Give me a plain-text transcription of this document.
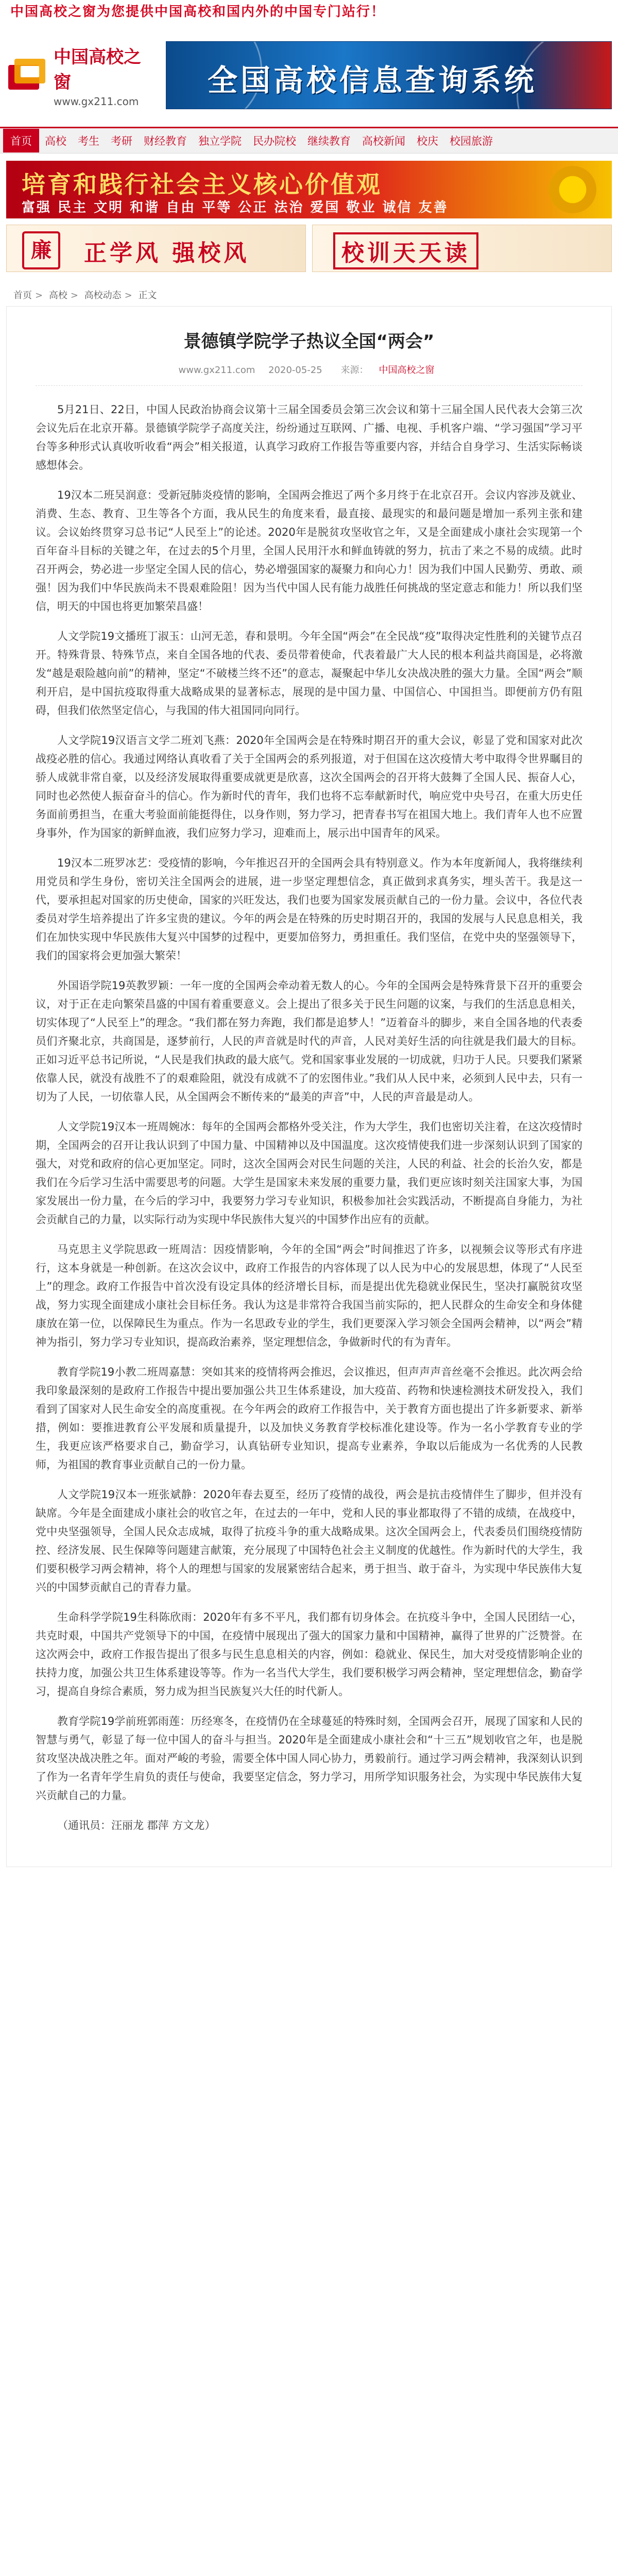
中国高校之窗为您提供中国高校和国内外的中国专门站行！
中国高校之窗
www.gx211.com
全国高校信息查询系统
首页	高校	考生	考研	财经教育	独立学院	民办院校	继续教育	高校新闻	校庆	校园旅游
培育和践行社会主义核心价值观
富强 民主 文明 和谐 自由 平等 公正 法治 爱国 敬业 诚信 友善
廉	正学风 强校风	校训天天读
首页 > 高校 > 高校动态 > 正文
景德镇学院学子热议全国“两会”
www.gx211.com 2020-05-25 来源： 中国高校之窗

5月21日、22日，中国人民政治协商会议第十三届全国委员会第三次会议和第十三届全国人民代表大会第三次会议先后在北京开幕。景德镇学院学子高度关注，纷纷通过互联网、广播、电视、手机客户端、“学习强国”学习平台等多种形式认真收听收看“两会”相关报道，认真学习政府工作报告等重要内容，并结合自身学习、生活实际畅谈感想体会。

19汉本二班吴润意：受新冠肺炎疫情的影响，全国两会推迟了两个多月终于在北京召开。会议内容涉及就业、消费、生态、教育、卫生等各个方面，我从民生的角度来看，最直接、最现实的和最问题是增加一系列主张和建议。会议始终贯穿习总书记“人民至上”的论述。2020年是脱贫攻坚收官之年，又是全面建成小康社会实现第一个百年奋斗目标的关键之年，在过去的5个月里，全国人民用汗水和鲜血铸就的努力，抗击了来之不易的成绩。此时召开两会，势必进一步坚定全国人民的信心，势必增强国家的凝聚力和向心力！因为我们中国人民勤劳、勇敢、顽强！因为我们中华民族尚未不畏艰难险阻！因为当代中国人民有能力战胜任何挑战的坚定意志和能力！所以我们坚信，明天的中国也将更加繁荣昌盛！

人文学院19文播班丁淑玉：山河无恙，春和景明。今年全国“两会”在全民战“疫”取得决定性胜利的关键节点召开。特殊背景、特殊节点，来自全国各地的代表、委员带着使命，代表着最广大人民的根本利益共商国是，必将激发“越是艰险越向前”的精神，坚定“不破楼兰终不还”的意志，凝聚起中华儿女决战决胜的强大力量。全国“两会”顺利开启，是中国抗疫取得重大战略成果的显著标志，展现的是中国力量、中国信心、中国担当。即便前方仍有阻碍，但我们依然坚定信心，与我国的伟大祖国同向同行。

人文学院19汉语言文学二班刘飞燕：2020年全国两会是在特殊时期召开的重大会议，彰显了党和国家对此次战疫必胜的信心。我通过网络认真收看了关于全国两会的系列报道，对于但国在这次疫情大考中取得令世界瞩目的骄人成就非常自豪，以及经济发展取得重要成就更是欣喜，这次全国两会的召开将大鼓舞了全国人民、振奋人心，同时也必然使人振奋奋斗的信心。作为新时代的青年，我们也将不忘奉献新时代，响应党中央号召，在重大历史任务面前勇担当，在重大考验面前能挺得住，以身作则，努力学习，把青春书写在祖国大地上。我们青年人也不应置身事外，作为国家的新鲜血液，我们应努力学习，迎难而上，展示出中国青年的风采。

19汉本二班罗冰艺：受疫情的影响，今年推迟召开的全国两会具有特别意义。作为本年度新闻人，我将继续利用党员和学生身份，密切关注全国两会的进展，进一步坚定理想信念，真正做到求真务实，埋头苦干。我是这一代，要承担起对国家的历史使命，国家的兴旺发达，我们也要为国家发展贡献自己的一份力量。会议中，各位代表委员对学生培养提出了许多宝贵的建议。今年的两会是在特殊的历史时期召开的，我国的发展与人民息息相关，我们在加快实现中华民族伟大复兴中国梦的过程中，更要加倍努力，勇担重任。我们坚信，在党中央的坚强领导下，我们的国家将会更加强大繁荣！

外国语学院19英教罗颖：一年一度的全国两会牵动着无数人的心。今年的全国两会是特殊背景下召开的重要会议，对于正在走向繁荣昌盛的中国有着重要意义。会上提出了很多关于民生问题的议案，与我们的生活息息相关，切实体现了“人民至上”的理念。“我们都在努力奔跑，我们都是追梦人！”迈着奋斗的脚步，来自全国各地的代表委员们齐聚北京，共商国是，逐梦前行，人民的声音就是时代的声音，人民对美好生活的向往就是我们最大的目标。正如习近平总书记所说，“人民是我们执政的最大底气。党和国家事业发展的一切成就，归功于人民。只要我们紧紧依靠人民，就没有战胜不了的艰难险阻，就没有成就不了的宏图伟业。”我们从人民中来，必须到人民中去，只有一切为了人民，一切依靠人民，从全国两会不断传来的“最美的声音”中，人民的声音最是动人。

人文学院19汉本一班周婉冰：每年的全国两会都格外受关注，作为大学生，我们也密切关注着，在这次疫情时期，全国两会的召开让我认识到了中国力量、中国精神以及中国温度。这次疫情使我们进一步深刻认识到了国家的强大，对党和政府的信心更加坚定。同时，这次全国两会对民生问题的关注，人民的利益、社会的长治久安，都是我们在今后学习生活中需要思考的问题。大学生是国家未来发展的重要力量，我们更应该时刻关注国家大事，为国家发展出一份力量，在今后的学习中，我要努力学习专业知识，积极参加社会实践活动，不断提高自身能力，为社会贡献自己的力量，以实际行动为实现中华民族伟大复兴的中国梦作出应有的贡献。

马克思主义学院思政一班周洁：因疫情影响，今年的全国“两会”时间推迟了许多，以视频会议等形式有序进行，这本身就是一种创新。在这次会议中，政府工作报告的内容体现了以人民为中心的发展思想，体现了“人民至上”的理念。政府工作报告中首次没有设定具体的经济增长目标，而是提出优先稳就业保民生，坚决打赢脱贫攻坚战，努力实现全面建成小康社会目标任务。我认为这是非常符合我国当前实际的，把人民群众的生命安全和身体健康放在第一位，以保障民生为重点。作为一名思政专业的学生，我们更要深入学习领会全国两会精神，以“两会”精神为指引，努力学习专业知识，提高政治素养，坚定理想信念，争做新时代的有为青年。

教育学院19小教二班周嘉慧：突如其来的疫情将两会推迟，会议推迟，但声声声音丝毫不会推迟。此次两会给我印象最深刻的是政府工作报告中提出要加强公共卫生体系建设，加大疫苗、药物和快速检测技术研发投入，我们看到了国家对人民生命安全的高度重视。在今年两会的政府工作报告中，关于教育方面也提出了许多新要求、新举措，例如：要推进教育公平发展和质量提升，以及加快义务教育学校标准化建设等。作为一名小学教育专业的学生，我更应该严格要求自己，勤奋学习，认真钻研专业知识，提高专业素养，争取以后能成为一名优秀的人民教师，为祖国的教育事业贡献自己的一份力量。

人文学院19汉本一班张斌静：2020年春去夏至，经历了疫情的战役，两会是抗击疫情伴生了脚步，但并没有缺席。今年是全面建成小康社会的收官之年，在过去的一年中，党和人民的事业都取得了不错的成绩，在战疫中，党中央坚强领导，全国人民众志成城，取得了抗疫斗争的重大战略成果。这次全国两会上，代表委员们围绕疫情防控、经济发展、民生保障等问题建言献策，充分展现了中国特色社会主义制度的优越性。作为新时代的大学生，我们要积极学习两会精神，将个人的理想与国家的发展紧密结合起来，勇于担当、敢于奋斗，为实现中华民族伟大复兴的中国梦贡献自己的青春力量。

生命科学学院19生科陈欣雨：2020年有多不平凡，我们都有切身体会。在抗疫斗争中，全国人民团结一心，共克时艰，中国共产党领导下的中国，在疫情中展现出了强大的国家力量和中国精神，赢得了世界的广泛赞誉。在这次两会中，政府工作报告提出了很多与民生息息相关的内容，例如：稳就业、保民生，加大对受疫情影响企业的扶持力度，加强公共卫生体系建设等等。作为一名当代大学生，我们要积极学习两会精神，坚定理想信念，勤奋学习，提高自身综合素质，努力成为担当民族复兴大任的时代新人。

教育学院19学前班郭雨莲：历经寒冬，在疫情仍在全球蔓延的特殊时刻，全国两会召开，展现了国家和人民的智慧与勇气，彰显了每一位中国人的奋斗与担当。2020年是全面建成小康社会和“十三五”规划收官之年，也是脱贫攻坚决战决胜之年。面对严峻的考验，需要全体中国人同心协力，勇毅前行。通过学习两会精神，我深刻认识到了作为一名青年学生肩负的责任与使命，我要坚定信念，努力学习，用所学知识服务社会，为实现中华民族伟大复兴贡献自己的力量。

（通讯员：汪丽龙 郡萍 方文龙）
